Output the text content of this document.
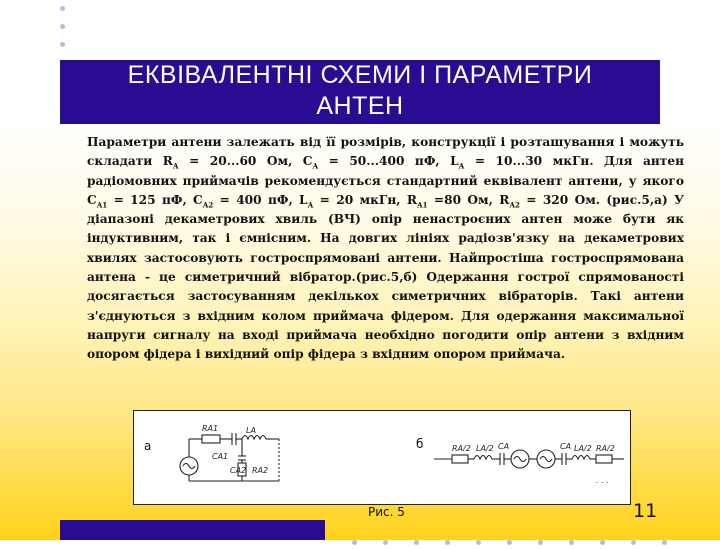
ЕКВІВАЛЕНТНІ СХЕМИ І ПАРАМЕТРИ
АНТЕН
Параметри антени залежать від її розмірів, конструкції і розташування і можуть складати $R_А = 20...60$ Ом, $С_А = 50...400$ пФ, $L_А = 10...30$ мкГн. Для антен радіомовних приймачів рекомендується стандартний еквівалент антени, у якого $С_{А1} = 125$ пФ, $С_{А2} = 400$ пФ, $L_А = 20$ мкГн, $R_{А1} =80$ Ом, $R_{А2} = 320$ Ом. (рис.5,а) У діапазоні декаметрових хвиль (ВЧ) опір ненастроєних антен може бути як індуктивним, так і ємнісним. На довгих лініях радіозв'язку на декаметрових хвилях застосовують гостроспрямовані антени. Найпростіша гостроспрямована антена - це симетричний вібратор.(рис.5,б) Одержання гострої спрямованості досягається застосуванням декількох симетричних вібраторів. Такі антени з'єднуються з вхідним колом приймача фідером. Для одержання максимальної напруги сигналу на вході приймача необхідно погодити опір антени з вхідним опором фідера і вихідний опір фідера з вхідним опором приймача.
RA1	LA
CA1
CA2 RA2
RA/2 LA/2 CA	CA LA/2 RA/2
. . .
а	б
Рис. 5	11
